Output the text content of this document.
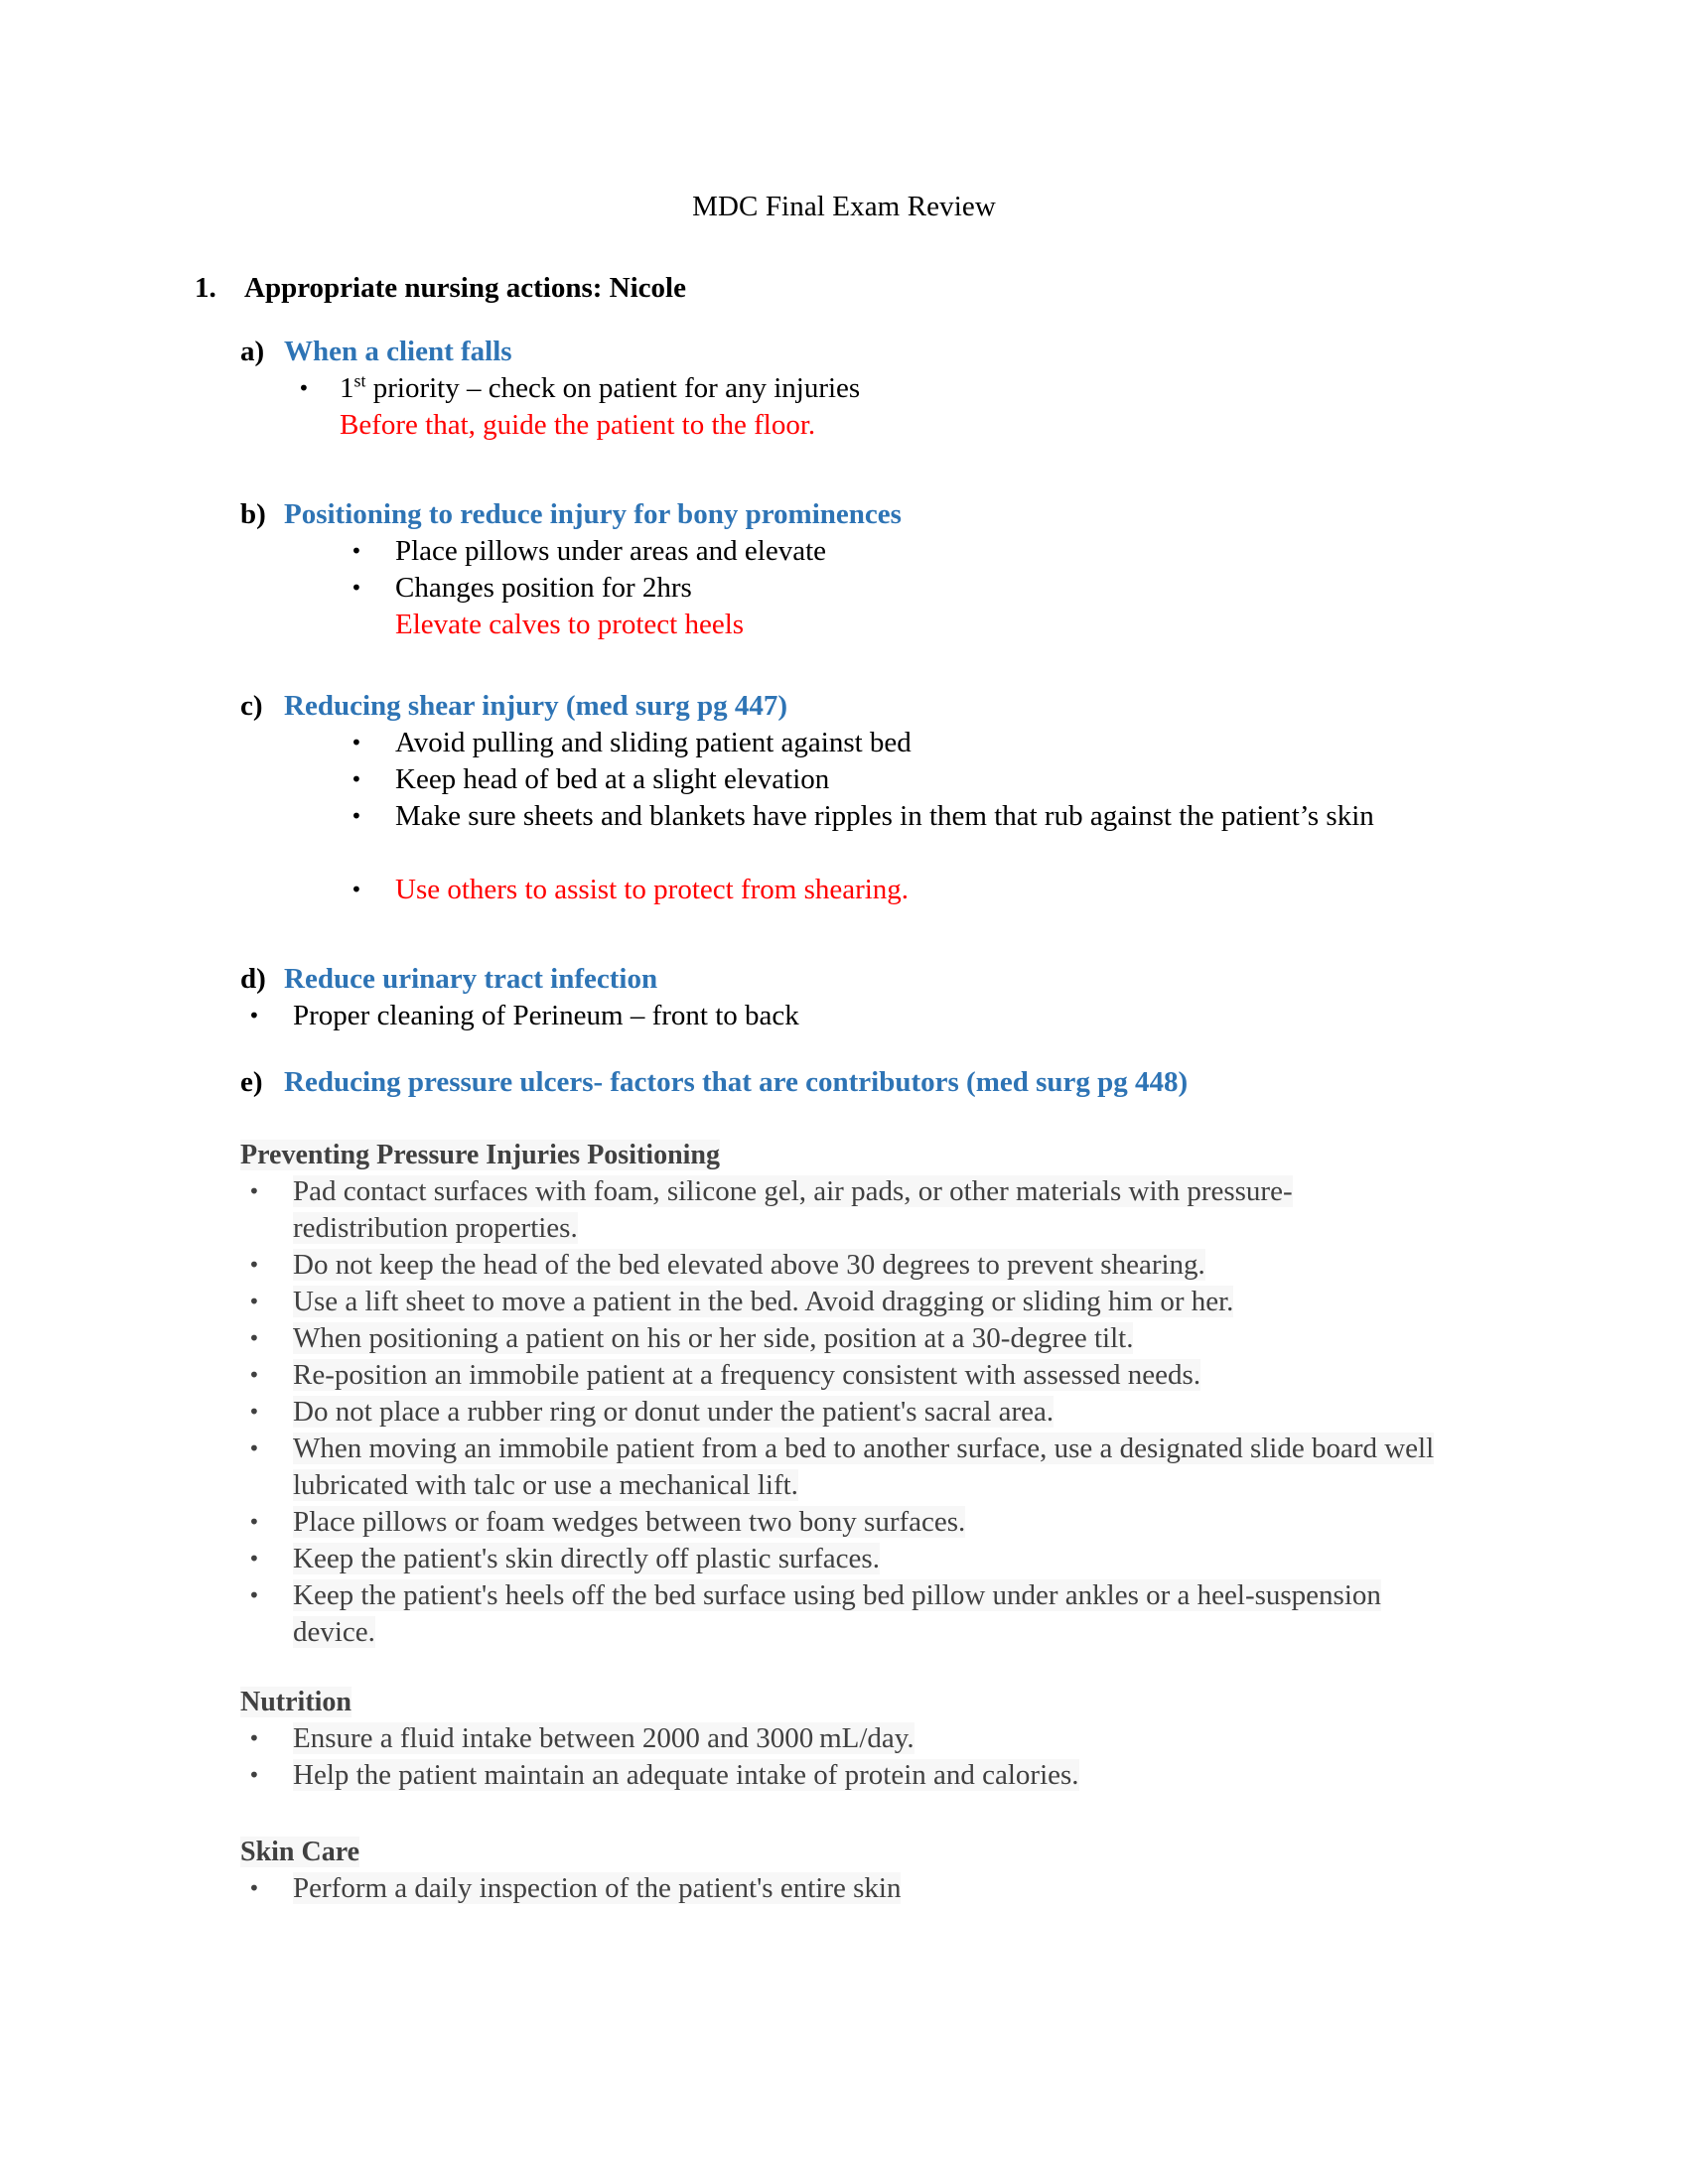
MDC Final Exam Review
1. Appropriate nursing actions: Nicole
a) When a client falls
• 1st priority – check on patient for any injuries
Before that, guide the patient to the floor.
b) Positioning to reduce injury for bony prominences
• Place pillows under areas and elevate
• Changes position for 2hrs
Elevate calves to protect heels
c) Reducing shear injury (med surg pg 447)
• Avoid pulling and sliding patient against bed
• Keep head of bed at a slight elevation
• Make sure sheets and blankets have ripples in them that rub against the patient’s skin
• Use others to assist to protect from shearing.
d) Reduce urinary tract infection
• Proper cleaning of Perineum – front to back
e) Reducing pressure ulcers- factors that are contributors (med surg pg 448)
Preventing Pressure Injuries Positioning
• Pad contact surfaces with foam, silicone gel, air pads, or other materials with pressure-redistribution properties.
• Do not keep the head of the bed elevated above 30 degrees to prevent shearing.
• Use a lift sheet to move a patient in the bed. Avoid dragging or sliding him or her.
• When positioning a patient on his or her side, position at a 30-degree tilt.
• Re-position an immobile patient at a frequency consistent with assessed needs.
• Do not place a rubber ring or donut under the patient's sacral area.
• When moving an immobile patient from a bed to another surface, use a designated slide board well lubricated with talc or use a mechanical lift.
• Place pillows or foam wedges between two bony surfaces.
• Keep the patient's skin directly off plastic surfaces.
• Keep the patient's heels off the bed surface using bed pillow under ankles or a heel-suspension device.
Nutrition
• Ensure a fluid intake between 2000 and 3000 mL/day.
• Help the patient maintain an adequate intake of protein and calories.
Skin Care
• Perform a daily inspection of the patient's entire skin
